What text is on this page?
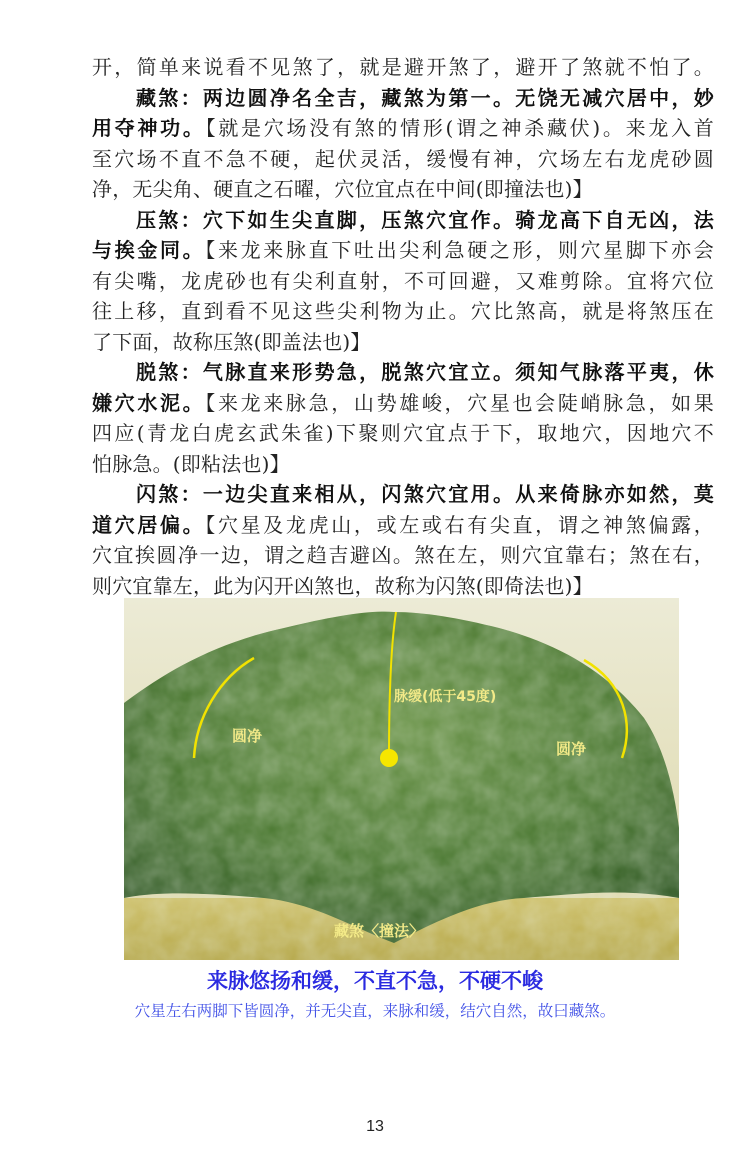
开，简单来说看不见煞了，就是避开煞了，避开了煞就不怕了。
藏煞：两边圆净名全吉，藏煞为第一。无饶无减穴居中，妙
用夺神功。【就是穴场没有煞的情形(谓之神杀藏伏)。来龙入首
至穴场不直不急不硬，起伏灵活，缓慢有神，穴场左右龙虎砂圆
净，无尖角、硬直之石曜，穴位宜点在中间(即撞法也)】
压煞：穴下如生尖直脚，压煞穴宜作。骑龙高下自无凶，法
与挨金同。【来龙来脉直下吐出尖利急硬之形，则穴星脚下亦会
有尖嘴，龙虎砂也有尖利直射，不可回避，又难剪除。宜将穴位
往上移，直到看不见这些尖利物为止。穴比煞高，就是将煞压在
了下面，故称压煞(即盖法也)】
脱煞：气脉直来形势急，脱煞穴宜立。须知气脉落平夷，休
嫌穴水泥。【来龙来脉急，山势雄峻，穴星也会陡峭脉急，如果
四应(青龙白虎玄武朱雀)下聚则穴宜点于下，取地穴，因地穴不
怕脉急。(即粘法也)】
闪煞：一边尖直来相从，闪煞穴宜用。从来倚脉亦如然，莫
道穴居偏。【穴星及龙虎山，或左或右有尖直，谓之神煞偏露，
穴宜挨圆净一边，谓之趋吉避凶。煞在左，则穴宜靠右；煞在右，
则穴宜靠左，此为闪开凶煞也，故称为闪煞(即倚法也)】
圆净
圆净
脉缓(低于45度)
藏煞〈撞法〉
来脉悠扬和缓，不直不急，不硬不峻
穴星左右两脚下皆圆净，并无尖直，来脉和缓，结穴自然，故曰藏煞。
13
